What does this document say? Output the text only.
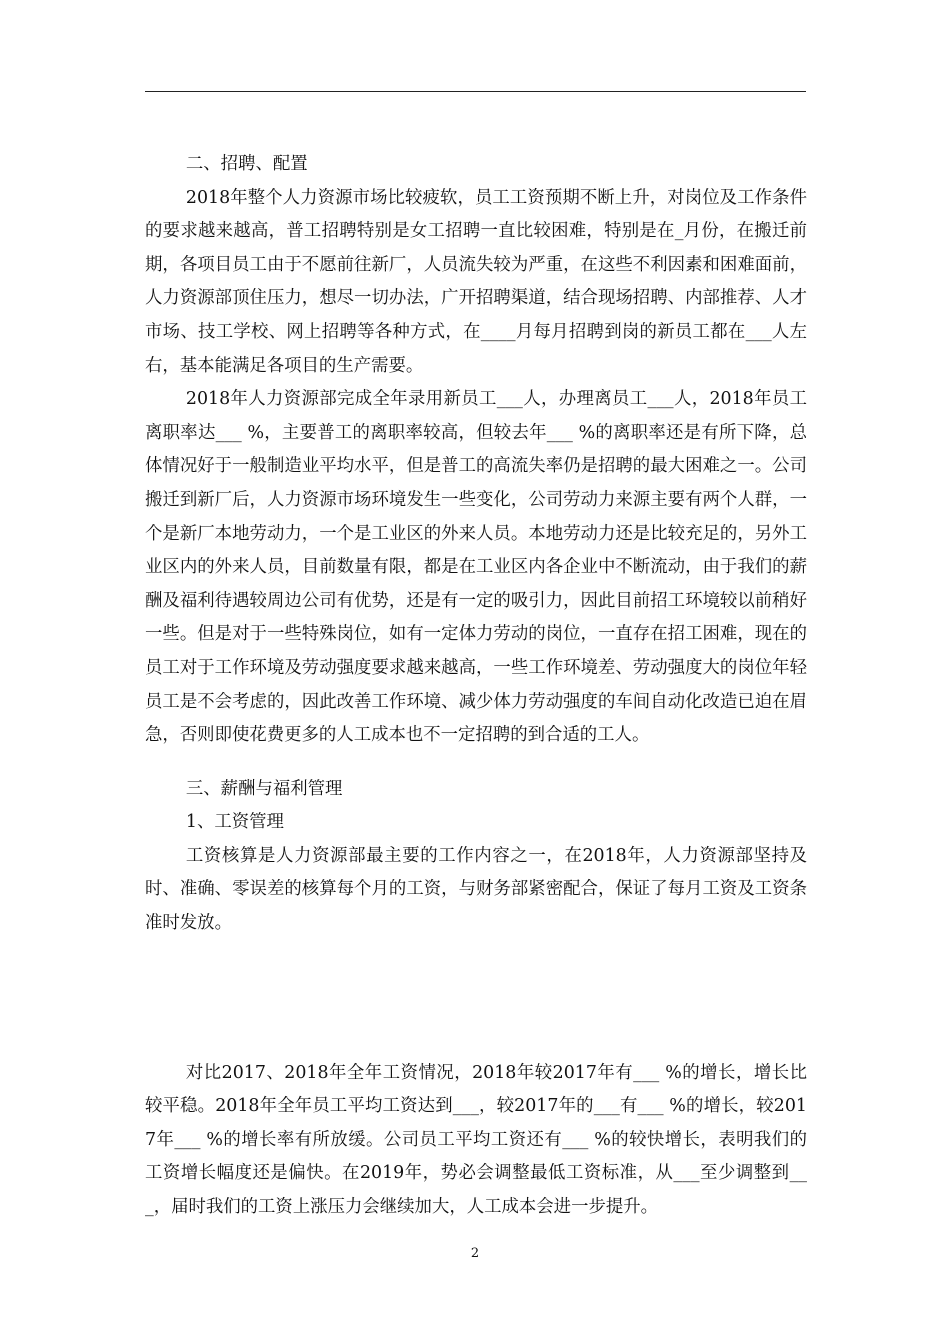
二、招聘、配置

2018年整个人力资源市场比较疲软，员工工资预期不断上升，对岗位及工作条件的要求越来越高，普工招聘特别是女工招聘一直比较困难，特别是在_月份，在搬迁前期，各项目员工由于不愿前往新厂，人员流失较为严重，在这些不利因素和困难面前，人力资源部顶住压力，想尽一切办法，广开招聘渠道，结合现场招聘、内部推荐、人才市场、技工学校、网上招聘等各种方式，在____月每月招聘到岗的新员工都在___人左右，基本能满足各项目的生产需要。

2018年人力资源部完成全年录用新员工___人，办理离员工___人，2018年员工离职率达___ %，主要普工的离职率较高，但较去年___ %的离职率还是有所下降，总体情况好于一般制造业平均水平，但是普工的高流失率仍是招聘的最大困难之一。公司搬迁到新厂后，人力资源市场环境发生一些变化，公司劳动力来源主要有两个人群，一个是新厂本地劳动力，一个是工业区的外来人员。本地劳动力还是比较充足的，另外工业区内的外来人员，目前数量有限，都是在工业区内各企业中不断流动，由于我们的薪酬及福利待遇较周边公司有优势，还是有一定的吸引力，因此目前招工环境较以前稍好一些。但是对于一些特殊岗位，如有一定体力劳动的岗位，一直存在招工困难，现在的员工对于工作环境及劳动强度要求越来越高，一些工作环境差、劳动强度大的岗位年轻员工是不会考虑的，因此改善工作环境、减少体力劳动强度的车间自动化改造已迫在眉急，否则即使花费更多的人工成本也不一定招聘的到合适的工人。

三、薪酬与福利管理

1、工资管理

工资核算是人力资源部最主要的工作内容之一，在2018年，人力资源部坚持及时、准确、零误差的核算每个月的工资，与财务部紧密配合，保证了每月工资及工资条准时发放。

对比2017、2018年全年工资情况，2018年较2017年有___ %的增长，增长比较平稳。2018年全年员工平均工资达到___，较2017年的___有___ %的增长，较2017年___ %的增长率有所放缓。公司员工平均工资还有___ %的较快增长，表明我们的工资增长幅度还是偏快。在2019年，势必会调整最低工资标准，从___至少调整到___，届时我们的工资上涨压力会继续加大，人工成本会进一步提升。

2
